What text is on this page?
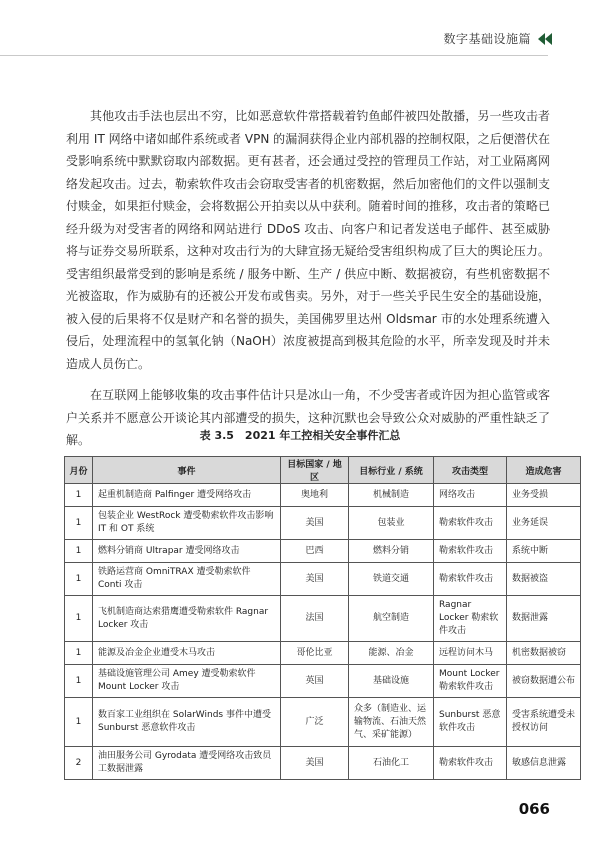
数字基础设施篇

其他攻击手法也层出不穷，比如恶意软件常搭载着钓鱼邮件被四处散播，另一些攻击者利用 IT 网络中诸如邮件系统或者 VPN 的漏洞获得企业内部机器的控制权限，之后便潜伏在受影响系统中默默窃取内部数据。更有甚者，还会通过受控的管理员工作站，对工业隔离网络发起攻击。过去，勒索软件攻击会窃取受害者的机密数据，然后加密他们的文件以强制支付赎金，如果拒付赎金，会将数据公开拍卖以从中获利。随着时间的推移，攻击者的策略已经升级为对受害者的网络和网站进行 DDoS 攻击、向客户和记者发送电子邮件、甚至威胁将与证券交易所联系，这种对攻击行为的大肆宣扬无疑给受害组织构成了巨大的舆论压力。受害组织最常受到的影响是系统 / 服务中断、生产 / 供应中断、数据被窃，有些机密数据不光被盗取，作为威胁有的还被公开发布或售卖。另外，对于一些关乎民生安全的基础设施，被入侵的后果将不仅是财产和名誉的损失，美国佛罗里达州 Oldsmar 市的水处理系统遭入侵后，处理流程中的氢氧化钠（NaOH）浓度被提高到极其危险的水平，所幸发现及时并未造成人员伤亡。

在互联网上能够收集的攻击事件估计只是冰山一角，不少受害者或许因为担心监管或客户关系并不愿意公开谈论其内部遭受的损失，这种沉默也会导致公众对威胁的严重性缺乏了解。	表 3.5　2021 年工控相关安全事件汇总
月份	事件	目标国家 / 地区	目标行业 / 系统	攻击类型	造成危害
1	起重机制造商 Palfinger 遭受网络攻击	奥地利	机械制造	网络攻击	业务受损
1	包装企业 WestRock 遭受勒索软件攻击影响 IT 和 OT 系统	美国	包装业	勒索软件攻击	业务延误
1	燃料分销商 Ultrapar 遭受网络攻击	巴西	燃料分销	勒索软件攻击	系统中断
1	铁路运营商 OmniTRAX 遭受勒索软件 Conti 攻击	美国	铁道交通	勒索软件攻击	数据被盗
1	飞机制造商达索猎鹰遭受勒索软件 Ragnar Locker 攻击	法国	航空制造	Ragnar Locker 勒索软件攻击	数据泄露
1	能源及冶金企业遭受木马攻击	哥伦比亚	能源、冶金	远程访问木马	机密数据被窃
1	基础设施管理公司 Amey 遭受勒索软件 Mount Locker 攻击	英国	基础设施	Mount Locker 勒索软件攻击	被窃数据遭公布
1	数百家工业组织在 SolarWinds 事件中遭受 Sunburst 恶意软件攻击	广泛	众多（制造业、运输物流、石油天然气、采矿能源）	Sunburst 恶意软件攻击	受害系统遭受未授权访问
2	油田服务公司 Gyrodata 遭受网络攻击致员工数据泄露	美国	石油化工	勒索软件攻击	敏感信息泄露
066
